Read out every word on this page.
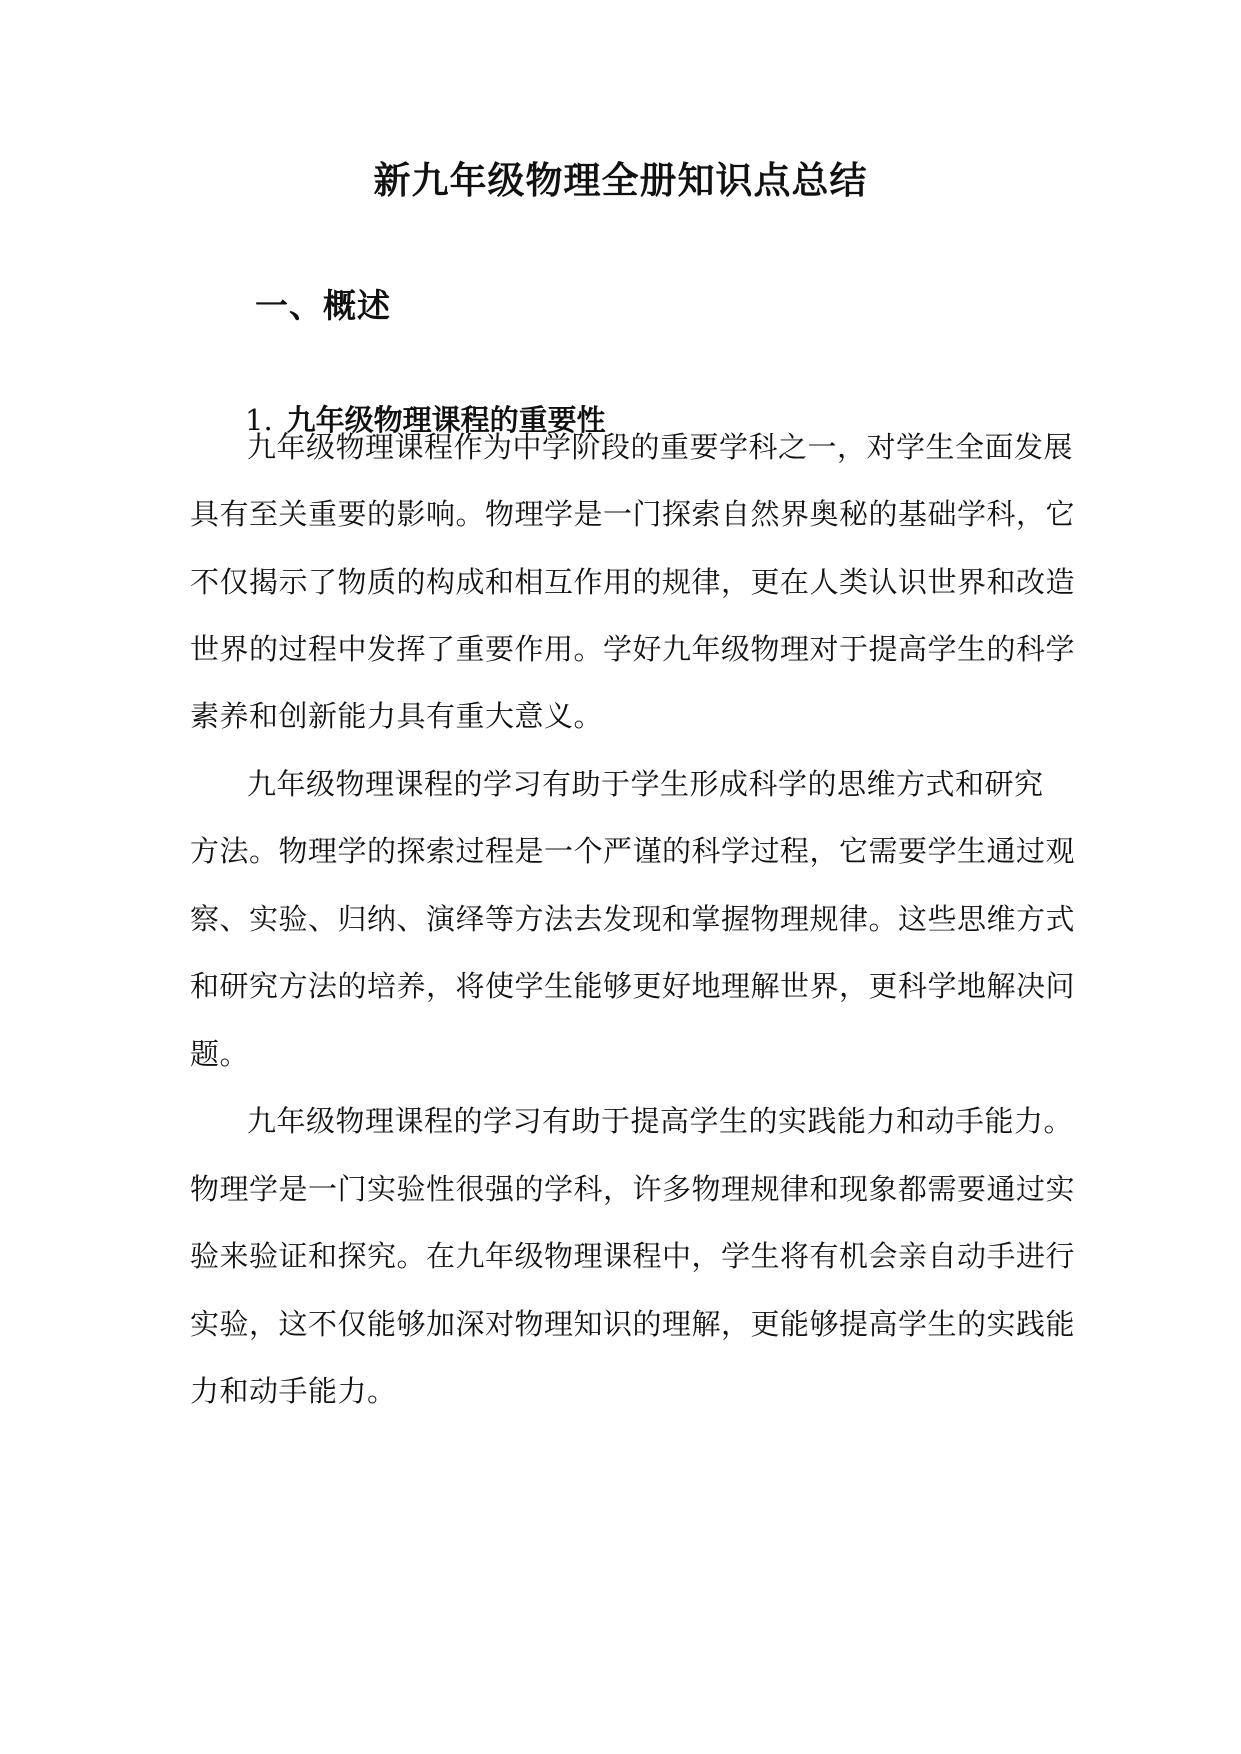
新九年级物理全册知识点总结
一、概述
1. 九年级物理课程的重要性

九年级物理课程作为中学阶段的重要学科之一，对学生全面发展

具有至关重要的影响。物理学是一门探索自然界奥秘的基础学科，它

不仅揭示了物质的构成和相互作用的规律，更在人类认识世界和改造

世界的过程中发挥了重要作用。学好九年级物理对于提高学生的科学

素养和创新能力具有重大意义。

九年级物理课程的学习有助于学生形成科学的思维方式和研究

方法。物理学的探索过程是一个严谨的科学过程，它需要学生通过观

察、实验、归纳、演绎等方法去发现和掌握物理规律。这些思维方式

和研究方法的培养，将使学生能够更好地理解世界，更科学地解决问

题。

九年级物理课程的学习有助于提高学生的实践能力和动手能力。

物理学是一门实验性很强的学科，许多物理规律和现象都需要通过实

验来验证和探究。在九年级物理课程中，学生将有机会亲自动手进行

实验，这不仅能够加深对物理知识的理解，更能够提高学生的实践能

力和动手能力。
